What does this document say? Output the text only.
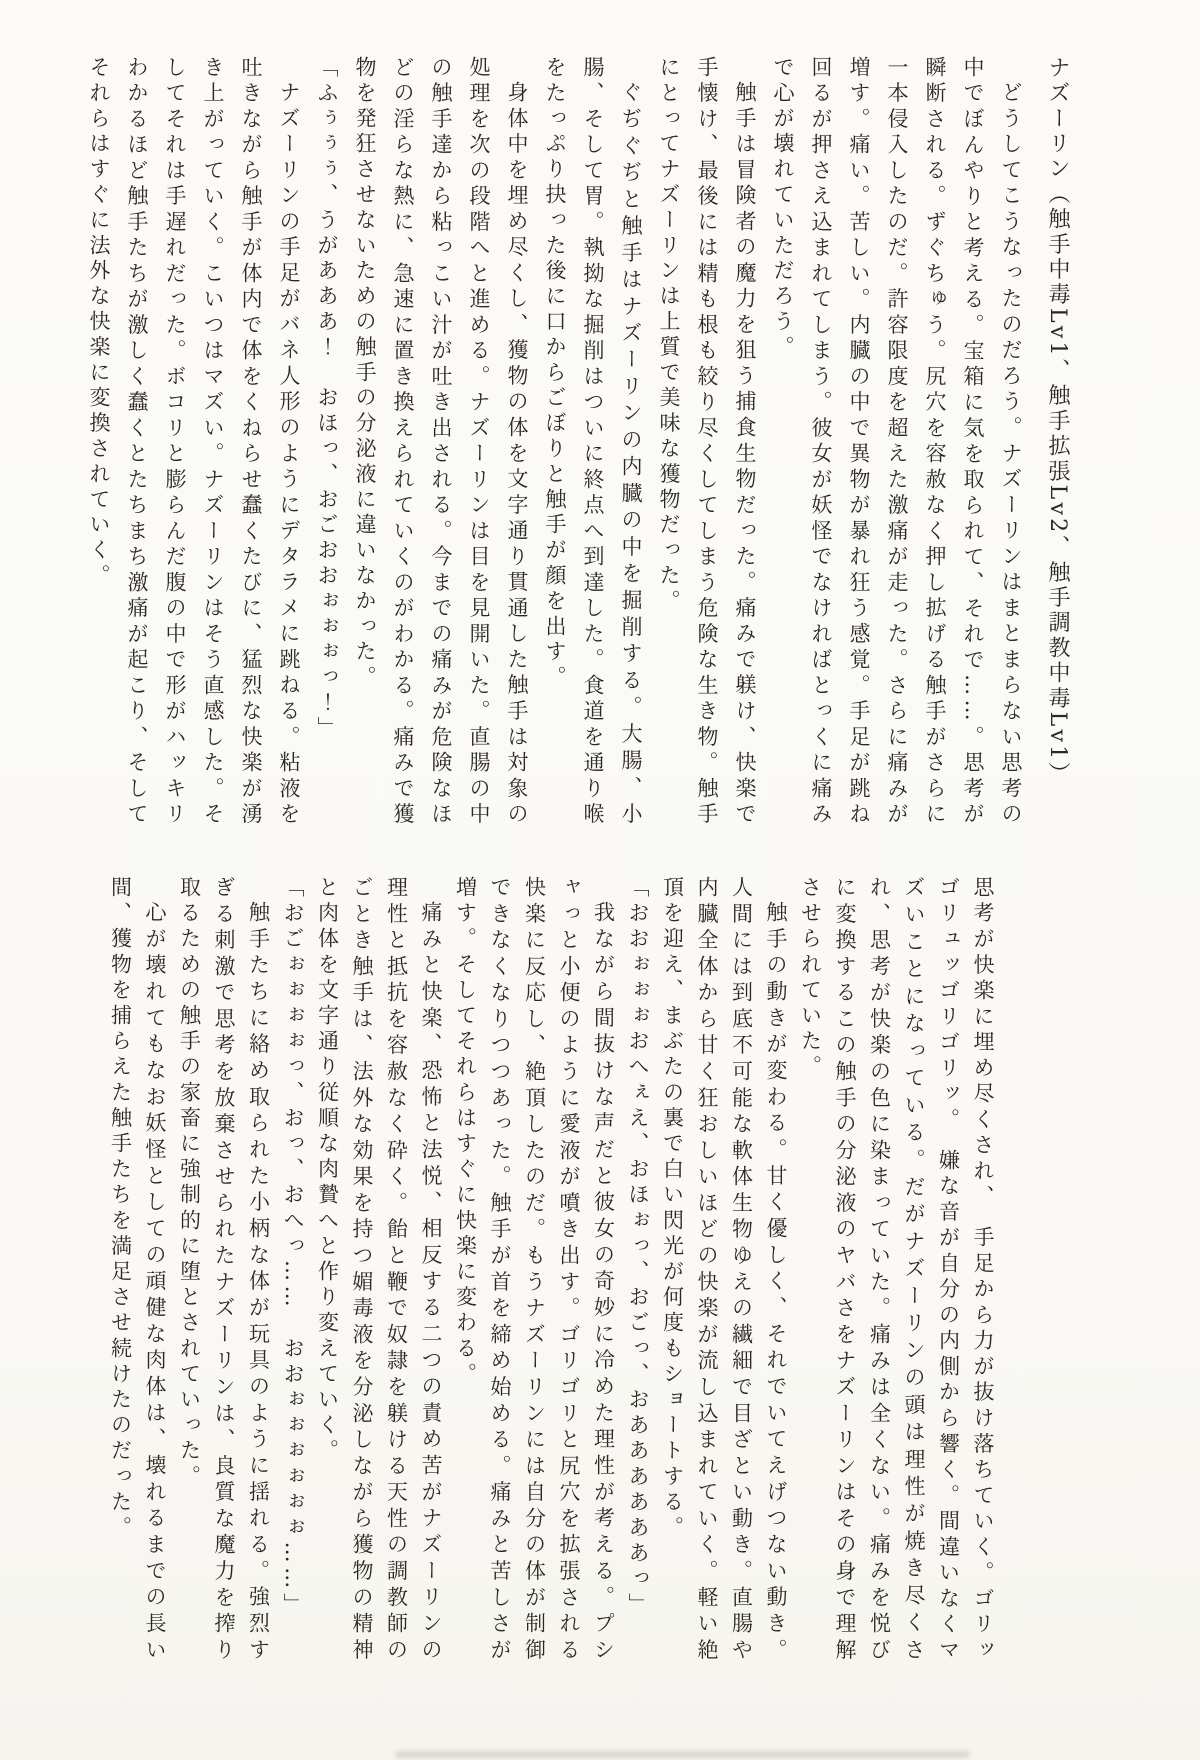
ナズーリン（触手中毒Lv1、触手拡張Lv2、触手調教中毒Lv1）

どうしてこうなったのだろう。ナズーリンはまとまらない思考の中でぼんやりと考える。宝箱に気を取られて、それで……。思考が瞬断される。ずぐちゅう。尻穴を容赦なく押し拡げる触手がさらに一本侵入したのだ。許容限度を超えた激痛が走った。さらに痛みが増す。痛い。苦しい。内臓の中で異物が暴れ狂う感覚。手足が跳ね回るが押さえ込まれてしまう。彼女が妖怪でなければとっくに痛みで心が壊れていただろう。

触手は冒険者の魔力を狙う捕食生物だった。痛みで躾け、快楽で手懐け、最後には精も根も絞り尽くしてしまう危険な生き物。触手にとってナズーリンは上質で美味な獲物だった。

ぐぢぐぢと触手はナズーリンの内臓の中を掘削する。大腸、小腸、そして胃。執拗な掘削はついに終点へ到達した。食道を通り喉をたっぷり抉った後に口からごぼりと触手が顔を出す。

身体中を埋め尽くし、獲物の体を文字通り貫通した触手は対象の処理を次の段階へと進める。ナズーリンは目を見開いた。直腸の中の触手達から粘っこい汁が吐き出される。今までの痛みが危険なほどの淫らな熱に、急速に置き換えられていくのがわかる。痛みで獲物を発狂させないための触手の分泌液に違いなかった。

「ふぅぅぅ、うがあああ！　おほっ、おごおおぉぉぉっ！」

ナズーリンの手足がバネ人形のようにデタラメに跳ねる。粘液を吐きながら触手が体内で体をくねらせ蠢くたびに、猛烈な快楽が湧き上がっていく。こいつはマズい。ナズーリンはそう直感した。そしてそれは手遅れだった。ボコリと膨らんだ腹の中で形がハッキリわかるほど触手たちが激しく蠢くとたちまち激痛が起こり、そしてそれらはすぐに法外な快楽に変換されていく。

思考が快楽に埋め尽くされ、　手足から力が抜け落ちていく。ゴリッゴリュッゴリゴリッ。　嫌な音が自分の内側から響く。間違いなくマズいことになっている。だがナズーリンの頭は理性が焼き尽くされ、思考が快楽の色に染まっていた。痛みは全くない。痛みを悦びに変換するこの触手の分泌液のヤバさをナズーリンはその身で理解させられていた。

触手の動きが変わる。甘く優しく、それでいてえげつない動き。人間には到底不可能な軟体生物ゆえの繊細で目ざとい動き。直腸や内臓全体から甘く狂おしいほどの快楽が流し込まれていく。軽い絶頂を迎え、まぶたの裏で白い閃光が何度もショートする。

「おおぉぉぉおへぇえ、おほぉっ、おごっ、おああああああっ」

我ながら間抜けな声だと彼女の奇妙に冷めた理性が考える。プシャっと小便のように愛液が噴き出す。ゴリゴリと尻穴を拡張される快楽に反応し、絶頂したのだ。もうナズーリンには自分の体が制御できなくなりつつあった。触手が首を締め始める。痛みと苦しさが増す。そしてそれらはすぐに快楽に変わる。

痛みと快楽、恐怖と法悦、相反する二つの責め苦がナズーリンの理性と抵抗を容赦なく砕く。飴と鞭で奴隷を躾ける天性の調教師のごとき触手は、法外な効果を持つ媚毒液を分泌しながら獲物の精神と肉体を文字通り従順な肉贄へと作り変えていく。

「おごぉぉぉぉっ、おっ、おへっ……　おおぉぉぉぉぉぉ……」

触手たちに絡め取られた小柄な体が玩具のように揺れる。強烈すぎる刺激で思考を放棄させられたナズーリンは、良質な魔力を搾り取るための触手の家畜に強制的に堕とされていった。

心が壊れてもなお妖怪としての頑健な肉体は、壊れるまでの長い間、獲物を捕らえた触手たちを満足させ続けたのだった。
